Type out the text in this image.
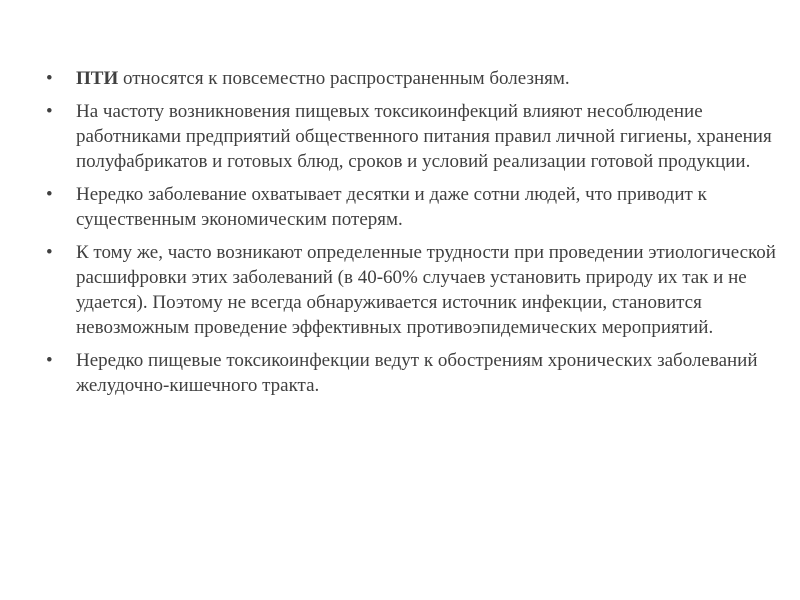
•	ПТИ относятся к повсеместно распространенным болезням.
•	На частоту возникновения пищевых токсикоинфекций влияют несоблюдение работниками предприятий общественного питания правил личной гигиены, хранения полуфабрикатов и готовых блюд, сроков и условий реализации готовой продукции.
•	Нередко заболевание охватывает десятки и даже сотни людей, что приводит к существенным экономическим потерям.
•	К тому же, часто возникают определенные трудности при проведении этиологической расшифровки этих заболеваний (в 40-60% случаев установить природу их так и не удается). Поэтому не всегда обнаруживается источник инфекции, становится невозможным проведение эффективных противоэпидемических мероприятий.
•	Нередко пищевые токсикоинфекции ведут к обострениям хронических заболеваний желудочно-кишечного тракта.
